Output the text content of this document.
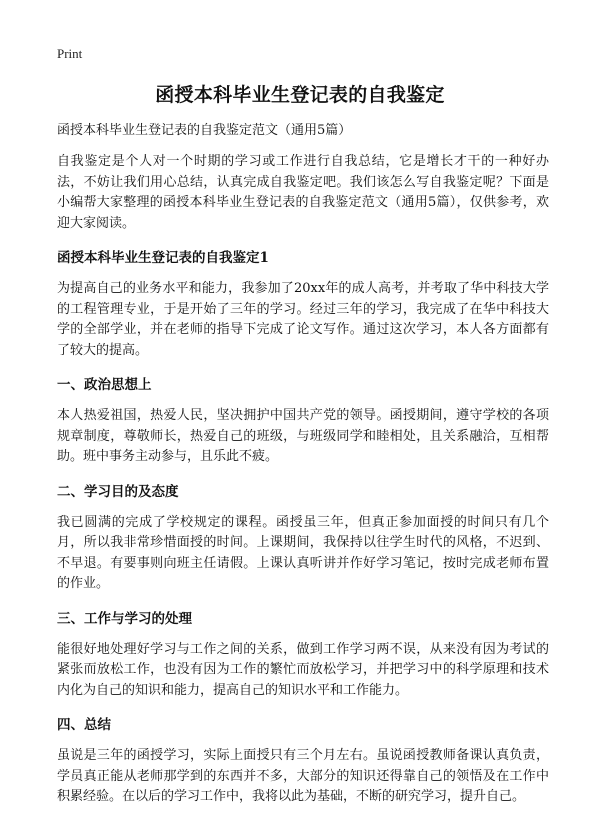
Print
函授本科毕业生登记表的自我鉴定
函授本科毕业生登记表的自我鉴定范文（通用5篇）

自我鉴定是个人对一个时期的学习或工作进行自我总结，它是增长才干的一种好办法，不妨让我们用心总结，认真完成自我鉴定吧。我们该怎么写自我鉴定呢？下面是小编帮大家整理的函授本科毕业生登记表的自我鉴定范文（通用5篇），仅供参考，欢迎大家阅读。

函授本科毕业生登记表的自我鉴定1

为提高自己的业务水平和能力，我参加了20xx年的成人高考，并考取了华中科技大学的工程管理专业，于是开始了三年的学习。经过三年的学习，我完成了在华中科技大学的全部学业，并在老师的指导下完成了论文写作。通过这次学习，本人各方面都有了较大的提高。

一、政治思想上

本人热爱祖国，热爱人民，坚决拥护中国共产党的领导。函授期间，遵守学校的各项规章制度，尊敬师长，热爱自己的班级，与班级同学和睦相处，且关系融洽，互相帮助。班中事务主动参与，且乐此不疲。

二、学习目的及态度

我已圆满的完成了学校规定的课程。函授虽三年，但真正参加面授的时间只有几个月，所以我非常珍惜面授的时间。上课期间，我保持以往学生时代的风格，不迟到、不早退。有要事则向班主任请假。上课认真听讲并作好学习笔记，按时完成老师布置的作业。

三、工作与学习的处理

能很好地处理好学习与工作之间的关系，做到工作学习两不误，从来没有因为考试的紧张而放松工作，也没有因为工作的繁忙而放松学习，并把学习中的科学原理和技术内化为自己的知识和能力，提高自己的知识水平和工作能力。

四、总结

虽说是三年的函授学习，实际上面授只有三个月左右。虽说函授教师备课认真负责，学员真正能从老师那学到的东西并不多，大部分的知识还得靠自己的领悟及在工作中积累经验。在以后的学习工作中，我将以此为基础，不断的研究学习，提升自己。
